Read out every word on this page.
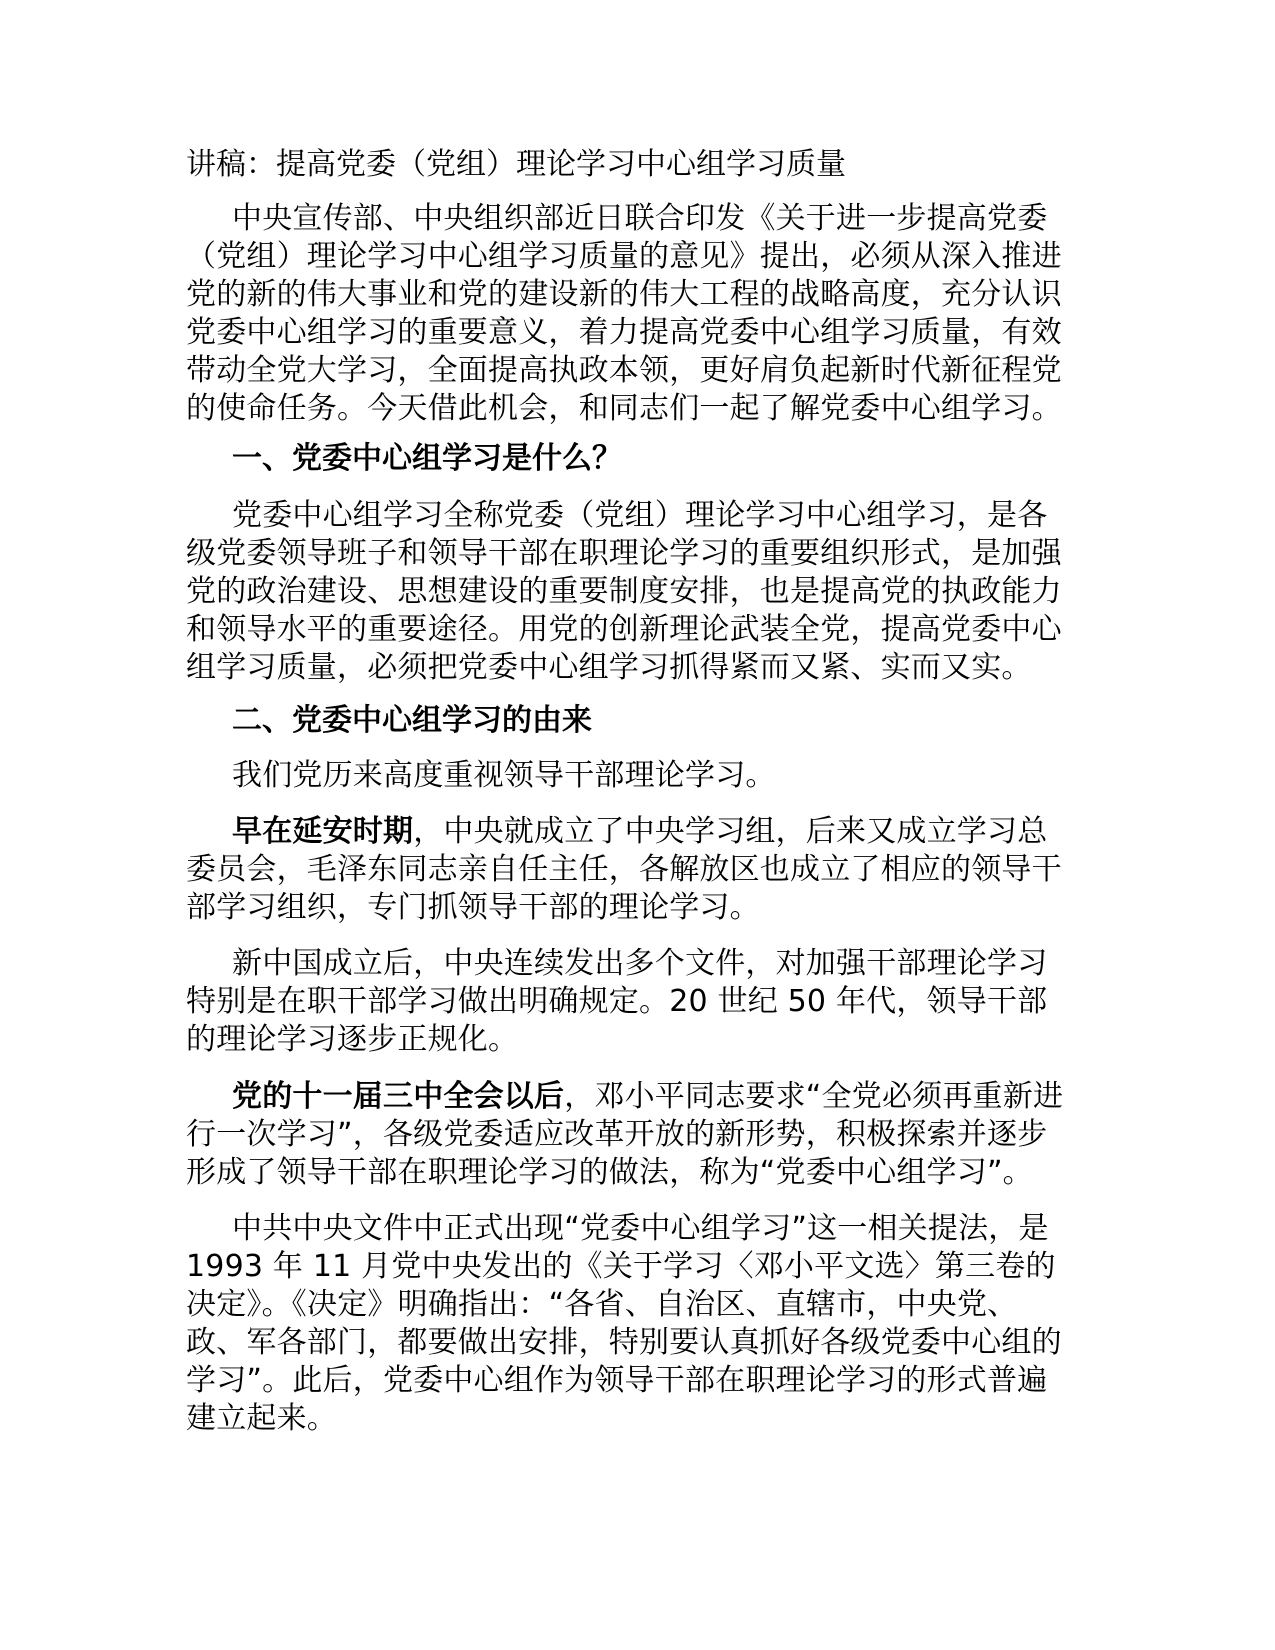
讲稿：提高党委（党组）理论学习中心组学习质量

中央宣传部、中央组织部近日联合印发《关于进一步提高党委（党组）理论学习中心组学习质量的意见》提出，必须从深入推进党的新的伟大事业和党的建设新的伟大工程的战略高度，充分认识党委中心组学习的重要意义，着力提高党委中心组学习质量，有效带动全党大学习，全面提高执政本领，更好肩负起新时代新征程党的使命任务。今天借此机会，和同志们一起了解党委中心组学习。

一、党委中心组学习是什么？

党委中心组学习全称党委（党组）理论学习中心组学习，是各级党委领导班子和领导干部在职理论学习的重要组织形式，是加强党的政治建设、思想建设的重要制度安排，也是提高党的执政能力和领导水平的重要途径。用党的创新理论武装全党，提高党委中心组学习质量，必须把党委中心组学习抓得紧而又紧、实而又实。

二、党委中心组学习的由来

我们党历来高度重视领导干部理论学习。

早在延安时期，中央就成立了中央学习组，后来又成立学习总委员会，毛泽东同志亲自任主任，各解放区也成立了相应的领导干部学习组织，专门抓领导干部的理论学习。

新中国成立后，中央连续发出多个文件，对加强干部理论学习特别是在职干部学习做出明确规定。20 世纪 50 年代，领导干部的理论学习逐步正规化。

党的十一届三中全会以后，邓小平同志要求“全党必须再重新进行一次学习”，各级党委适应改革开放的新形势，积极探索并逐步形成了领导干部在职理论学习的做法，称为“党委中心组学习”。

中共中央文件中正式出现“党委中心组学习”这一相关提法，是 1993 年 11 月党中央发出的《关于学习〈邓小平文选〉第三卷的决定》。《决定》明确指出：“各省、自治区、直辖市，中央党、政、军各部门，都要做出安排，特别要认真抓好各级党委中心组的学习”。此后，党委中心组作为领导干部在职理论学习的形式普遍建立起来。
